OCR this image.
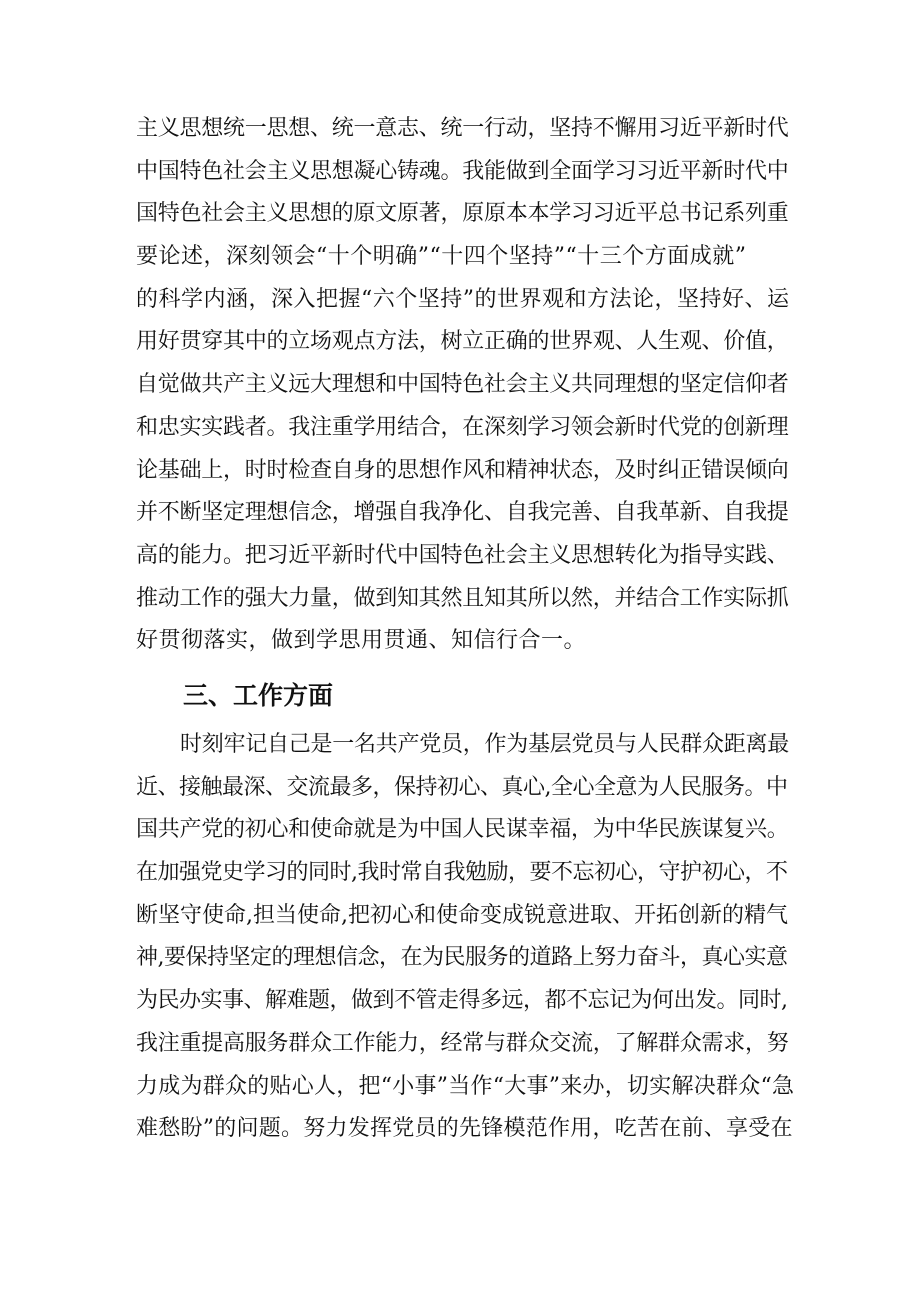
主义思想统一思想、统一意志、统一行动，坚持不懈用习近平新时代
中国特色社会主义思想凝心铸魂。我能做到全面学习习近平新时代中
国特色社会主义思想的原文原著，原原本本学习习近平总书记系列重
要论述，深刻领会“十个明确”“十四个坚持”“十三个方面成就”
的科学内涵，深入把握“六个坚持”的世界观和方法论，坚持好、运
用好贯穿其中的立场观点方法，树立正确的世界观、人生观、价值，
自觉做共产主义远大理想和中国特色社会主义共同理想的坚定信仰者
和忠实实践者。我注重学用结合，在深刻学习领会新时代党的创新理
论基础上，时时检查自身的思想作风和精神状态，及时纠正错误倾向
并不断坚定理想信念，增强自我净化、自我完善、自我革新、自我提
高的能力。把习近平新时代中国特色社会主义思想转化为指导实践、
推动工作的强大力量，做到知其然且知其所以然，并结合工作实际抓
好贯彻落实，做到学思用贯通、知信行合一。
三、工作方面
时刻牢记自己是一名共产党员，作为基层党员与人民群众距离最
近、接触最深、交流最多，保持初心、真心,全心全意为人民服务。中
国共产党的初心和使命就是为中国人民谋幸福，为中华民族谋复兴。
在加强党史学习的同时,我时常自我勉励，要不忘初心，守护初心，不
断坚守使命,担当使命,把初心和使命变成锐意进取、开拓创新的精气
神,要保持坚定的理想信念，在为民服务的道路上努力奋斗，真心实意
为民办实事、解难题，做到不管走得多远，都不忘记为何出发。同时,
我注重提高服务群众工作能力，经常与群众交流，了解群众需求，努
力成为群众的贴心人，把“小事”当作“大事”来办，切实解决群众“急
难愁盼”的问题。努力发挥党员的先锋模范作用，吃苦在前、享受在
